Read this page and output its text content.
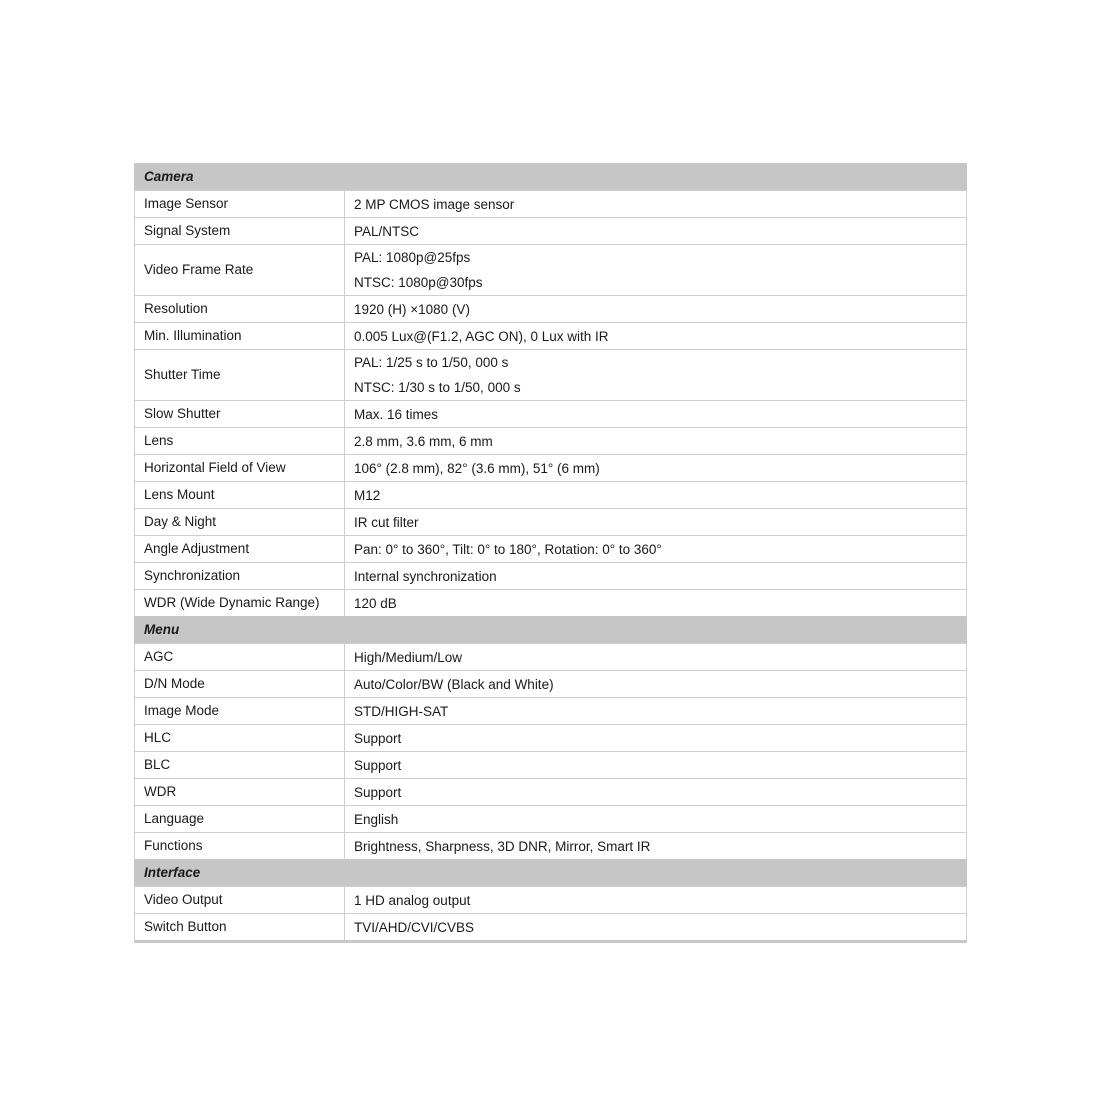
Camera	
Image Sensor	2 MP CMOS image sensor

Signal System	PAL/NTSC

Video Frame Rate	PAL: 1080p@25fps
NTSC: 1080p@30fps

Resolution	1920 (H) ×1080 (V)

Min. Illumination	0.005 Lux@(F1.2, AGC ON), 0 Lux with IR

Shutter Time	PAL: 1/25 s to 1/50, 000 s
NTSC: 1/30 s to 1/50, 000 s

Slow Shutter	Max. 16 times

Lens	2.8 mm, 3.6 mm, 6 mm

Horizontal Field of View	106° (2.8 mm), 82° (3.6 mm), 51° (6 mm)

Lens Mount	M12

Day & Night	IR cut filter

Angle Adjustment	Pan: 0° to 360°, Tilt: 0° to 180°, Rotation: 0° to 360°

Synchronization	Internal synchronization

WDR (Wide Dynamic Range)	120 dB

Menu	
AGC	High/Medium/Low

D/N Mode	Auto/Color/BW (Black and White)

Image Mode	STD/HIGH-SAT

HLC	Support

BLC	Support

WDR	Support

Language	English

Functions	Brightness, Sharpness, 3D DNR, Mirror, Smart IR

Interface	
Video Output	1 HD analog output

Switch Button	TVI/AHD/CVI/CVBS
